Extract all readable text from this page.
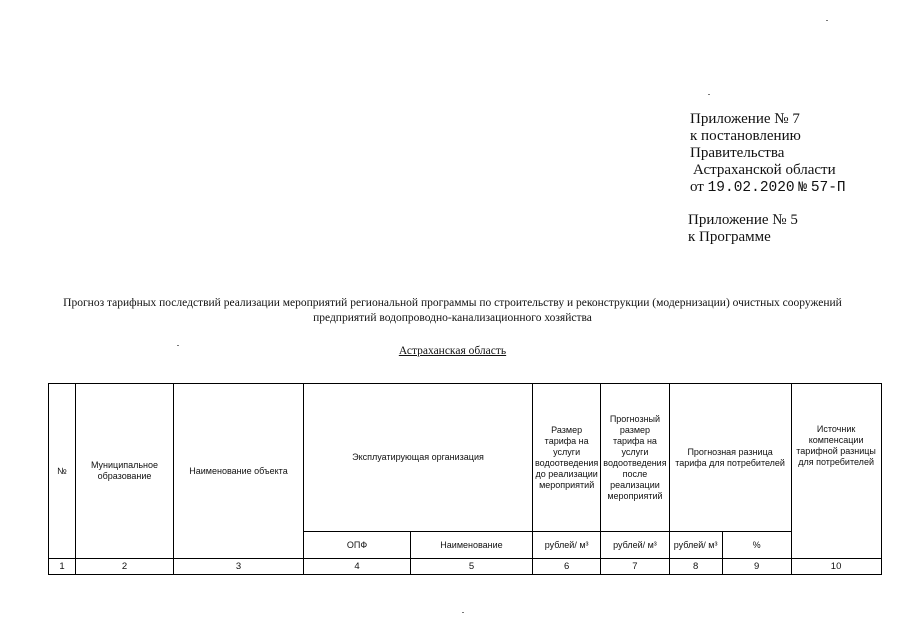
Приложение № 7
к постановлению
Правительства
Астраханской области
от 19.02.2020 № 57-П
Приложение № 5
к Программе
Прогноз тарифных последствий реализации мероприятий региональной программы по строительству и реконструкции (модернизации) очистных сооружений предприятий водопроводно-канализационного хозяйства
Астраханская область
№	Муниципальное образование	Наименование объекта	Эксплуатирующая организация		Размер тарифа на услуги водоотведения до реализации мероприятий	Прогнозный размер тарифа на услуги водоотведения после реализации мероприятий	Прогнозная разница тарифа для потребителей		Источник компенсации тарифной разницы для потребителей
			ОПФ	Наименование	рублей/ м³	рублей/ м³	рублей/ м³	%	
1	2	3	4	5	6	7	8	9	10
